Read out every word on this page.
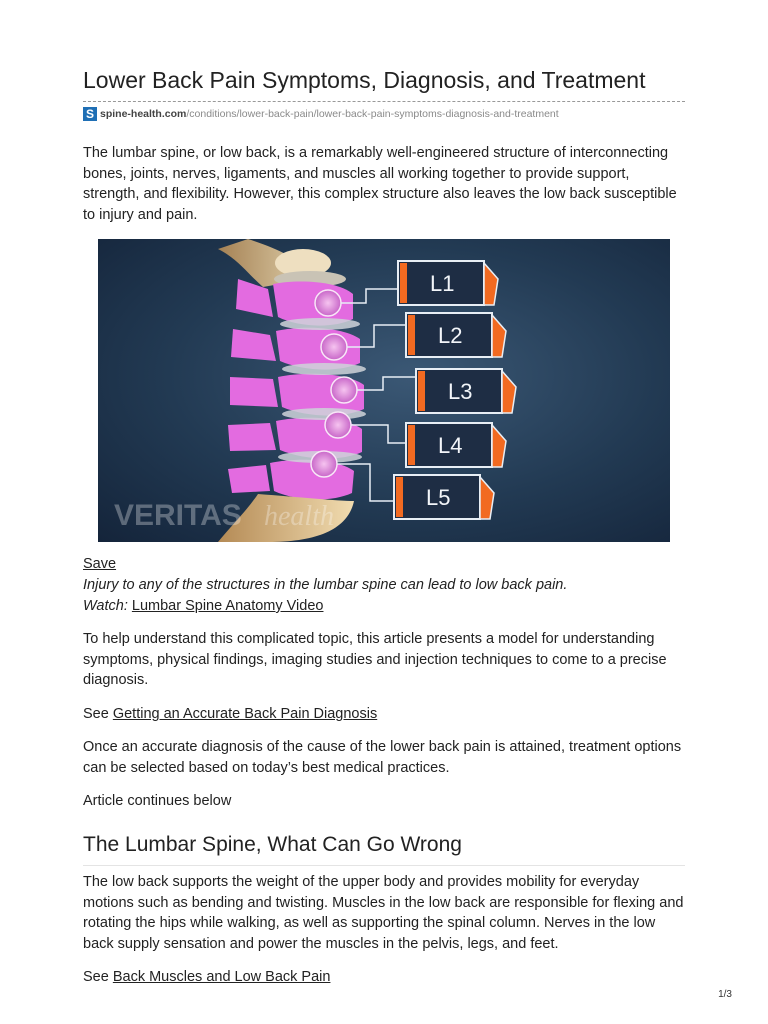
Lower Back Pain Symptoms, Diagnosis, and Treatment
S spine-health.com /conditions/lower-back-pain/lower-back-pain-symptoms-diagnosis-and-treatment

The lumbar spine, or low back, is a remarkably well-engineered structure of interconnecting bones, joints, nerves, ligaments, and muscles all working together to provide support, strength, and flexibility. However, this complex structure also leaves the low back susceptible to injury and pain.

L1
L2
L3
L4
L5
VERITAS health

Save

Injury to any of the structures in the lumbar spine can lead to low back pain.

Watch: Lumbar Spine Anatomy Video

To help understand this complicated topic, this article presents a model for understanding symptoms, physical findings, imaging studies and injection techniques to come to a precise diagnosis.

See Getting an Accurate Back Pain Diagnosis

Once an accurate diagnosis of the cause of the lower back pain is attained, treatment options can be selected based on today’s best medical practices.

Article continues below

The Lumbar Spine, What Can Go Wrong

The low back supports the weight of the upper body and provides mobility for everyday motions such as bending and twisting. Muscles in the low back are responsible for flexing and rotating the hips while walking, as well as supporting the spinal column. Nerves in the low back supply sensation and power the muscles in the pelvis, legs, and feet.

See Back Muscles and Low Back Pain

1/3
